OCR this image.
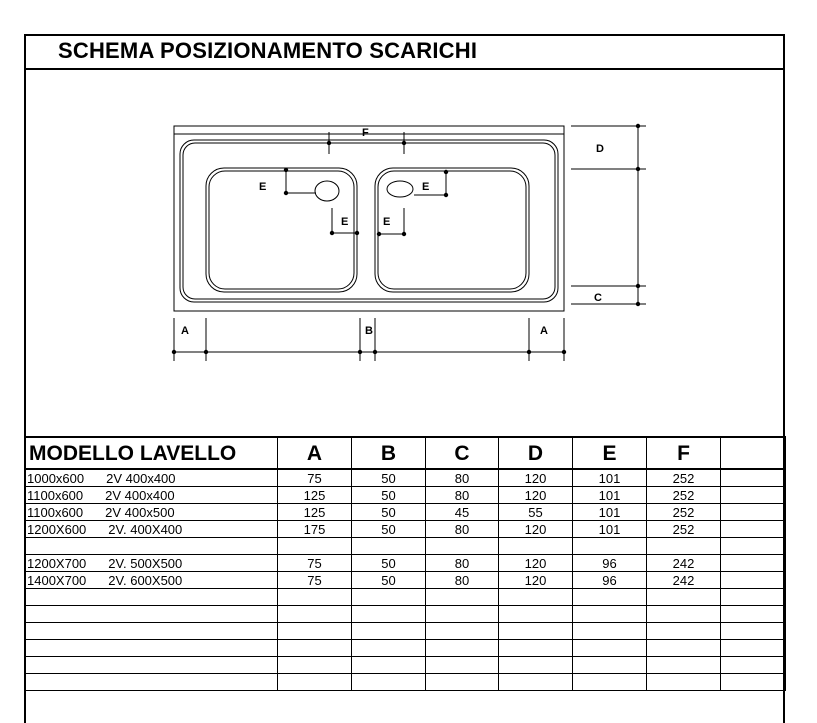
SCHEMA POSIZIONAMENTO SCARICHI
A	B	A
C
D
E
E
E
E
F
MODELLO LAVELLO	A	B	C	D	E	F	
1000x600 2V 400x400	75	50	80	120	101	252	
1100x600 2V 400x400	125	50	80	120	101	252	
1100x600 2V 400x500	125	50	45	55	101	252	
1200X600 2V. 400X400	175	50	80	120	101	252	

1200X700 2V. 500X500	75	50	80	120	96	242	
1400X700 2V. 600X500	75	50	80	120	96	242	
